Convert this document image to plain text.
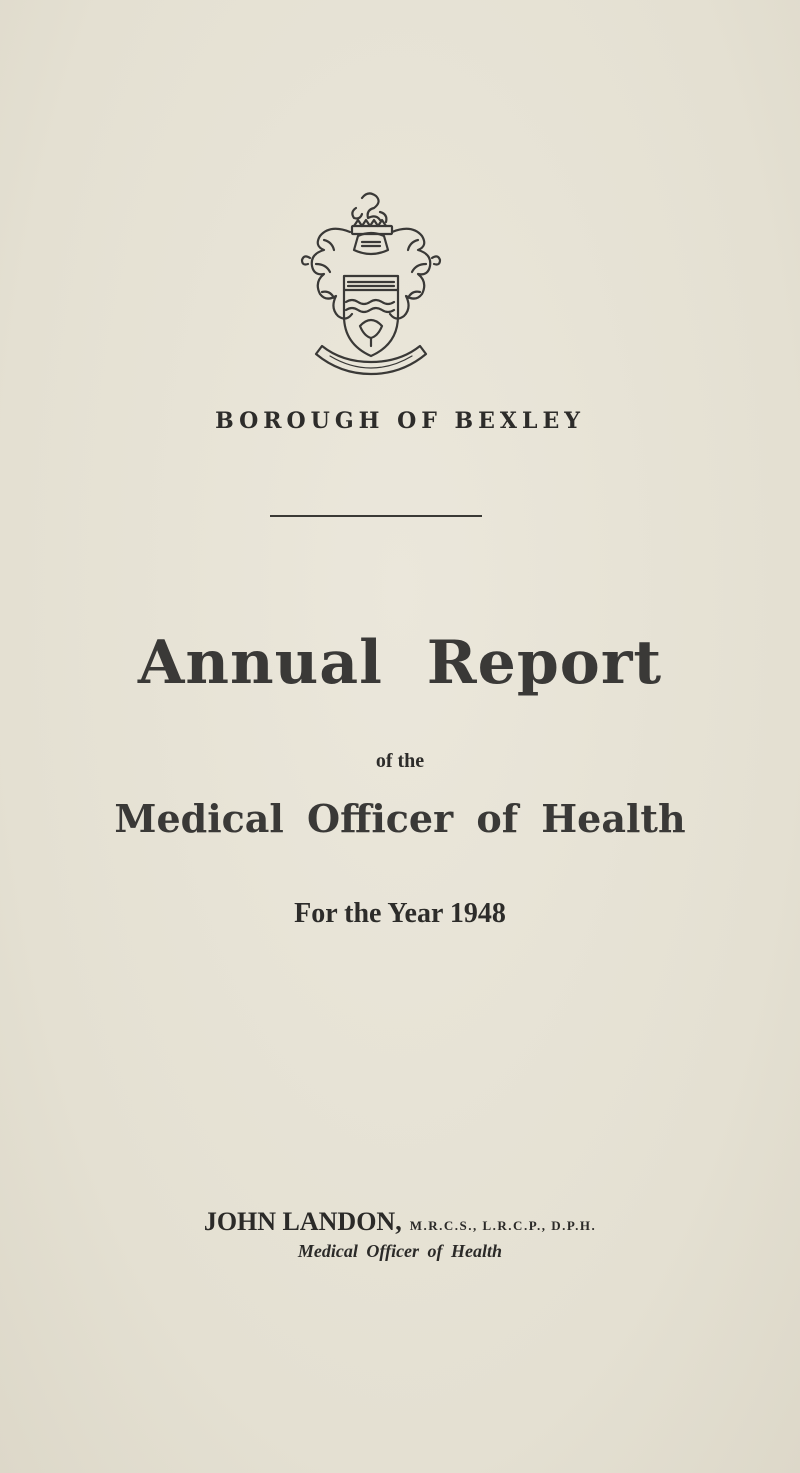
BOROUGH OF BEXLEY
Annual Report
of the
Medical Officer of Health
For the Year 1948
JOHN LANDON, M.R.C.S., L.R.C.P., D.P.H.
Medical Officer of Health
